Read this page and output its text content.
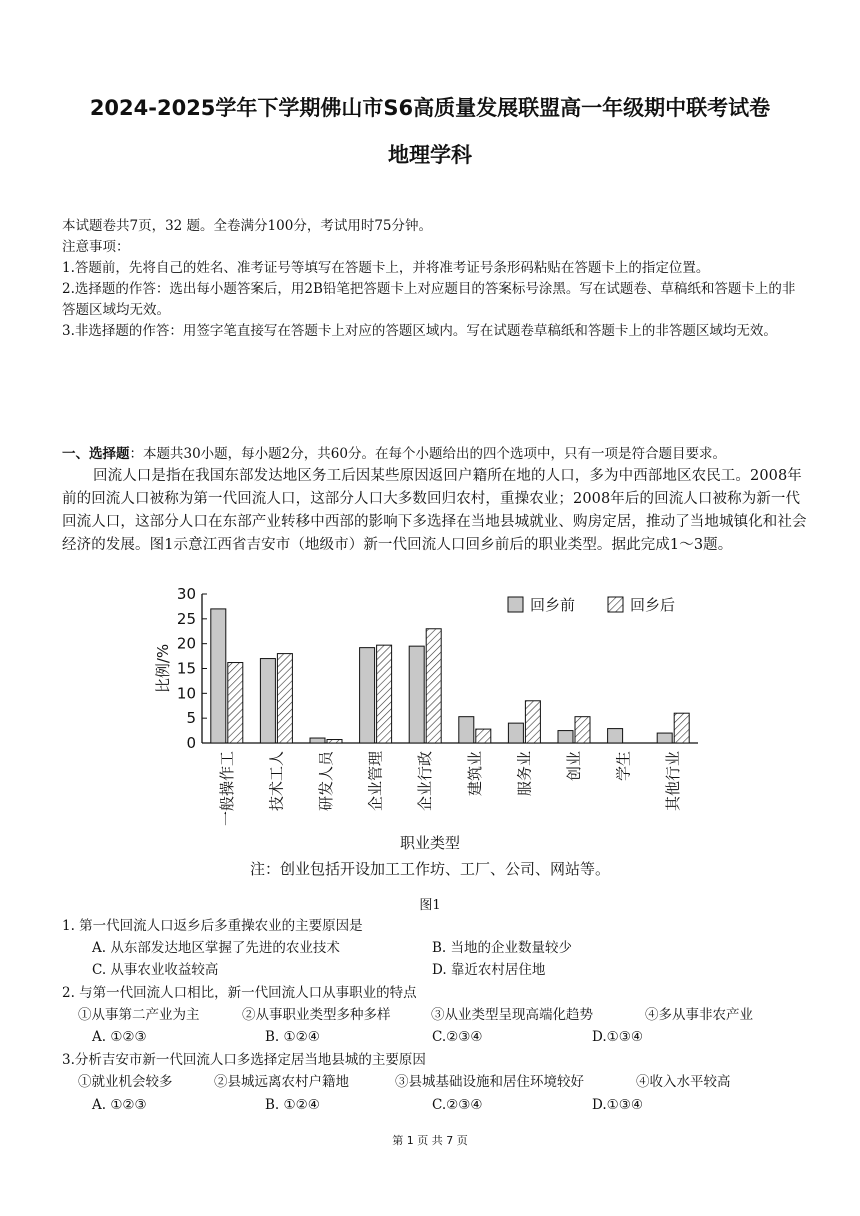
2024-2025学年下学期佛山市S6高质量发展联盟高一年级期中联考试卷
地理学科
本试题卷共7页，32 题。全卷满分100分，考试用时75分钟。
注意事项：
1.答题前，先将自己的姓名、准考证号等填写在答题卡上，并将准考证号条形码粘贴在答题卡上的指定位置。
2.选择题的作答：选出每小题答案后，用2B铅笔把答题卡上对应题目的答案标号涂黑。写在试题卷、草稿纸和答题卡上的非答题区域均无效。
3.非选择题的作答：用签字笔直接写在答题卡上对应的答题区域内。写在试题卷草稿纸和答题卡上的非答题区域均无效。
一、选择题：本题共30小题，每小题2分，共60分。在每个小题给出的四个选项中，只有一项是符合题目要求。

回流人口是指在我国东部发达地区务工后因某些原因返回户籍所在地的人口，多为中西部地区农民工。2008年前的回流人口被称为第一代回流人口，这部分人口大多数回归农村，重操农业；2008年后的回流人口被称为新一代回流人口，这部分人口在东部产业转移中西部的影响下多选择在当地县城就业、购房定居，推动了当地城镇化和社会经济的发展。图1示意江西省吉安市（地级市）新一代回流人口回乡前后的职业类型。据此完成1～3题。

0
5
10
15
20
25
30
比例/%
一般操作工 技术工人 研发人员 企业管理 企业行政 建筑业 服务业 创业 学生 其他行业
职业类型
回乡前	回乡后
注：创业包括开设加工工作坊、工厂、公司、网站等。
图1
1. 第一代回流人口返乡后多重操农业的主要原因是
A. 从东部发达地区掌握了先进的农业技术	B. 当地的企业数量较少
C. 从事农业收益较高	D. 靠近农村居住地
2. 与第一代回流人口相比，新一代回流人口从事职业的特点
①从事第二产业为主	②从事职业类型多种多样	③从业类型呈现高端化趋势	④多从事非农产业
A. ①②③	B. ①②④	C.②③④	D.①③④
3.分析吉安市新一代回流人口多选择定居当地县城的主要原因
①就业机会较多	②县城远离农村户籍地	③县城基础设施和居住环境较好	④收入水平较高
A. ①②③	B. ①②④	C.②③④	D.①③④
第 1 页 共 7 页
